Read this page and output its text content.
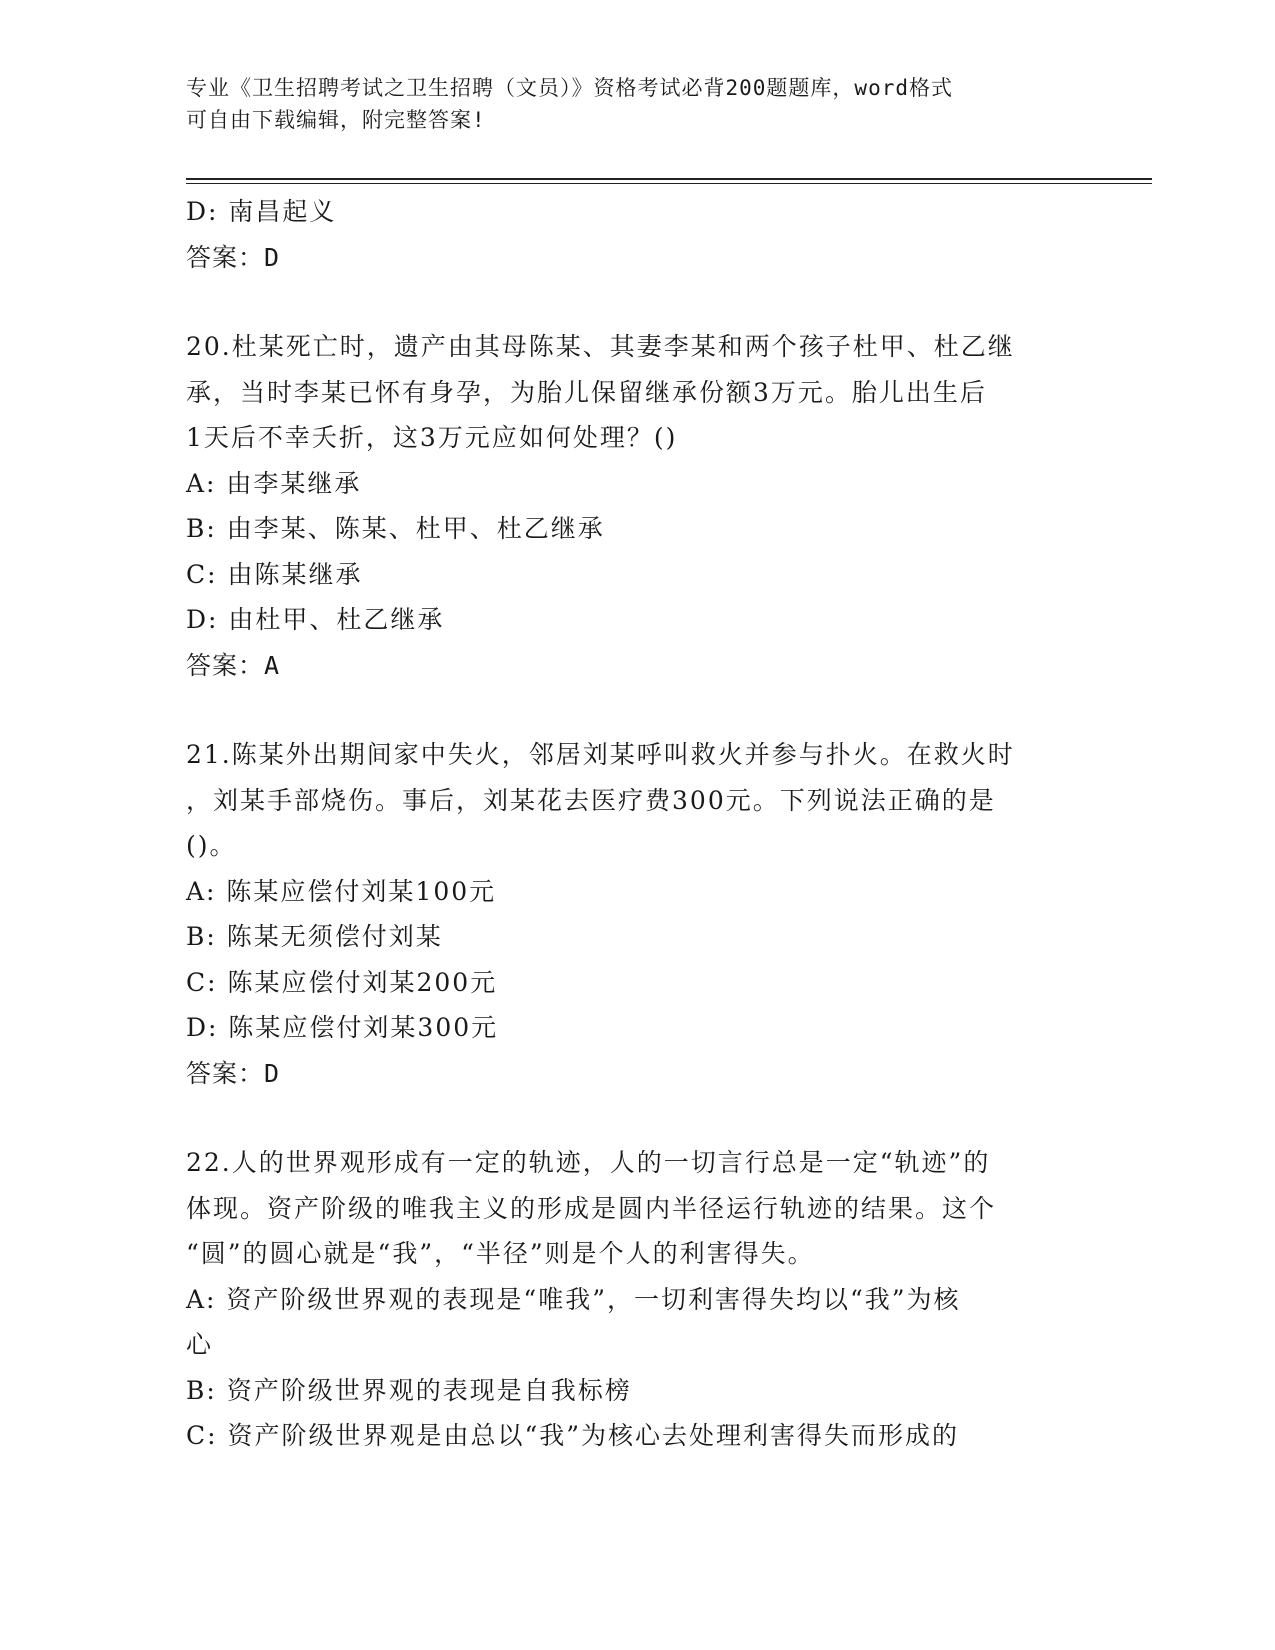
专业《卫生招聘考试之卫生招聘（文员）》资格考试必背200题题库，word格式
可自由下载编辑，附完整答案!
D: 南昌起义
答案：D
20.杜某死亡时，遗产由其母陈某、其妻李某和两个孩子杜甲、杜乙继
承，当时李某已怀有身孕，为胎儿保留继承份额3万元。胎儿出生后
1天后不幸夭折，这3万元应如何处理？()
A: 由李某继承
B: 由李某、陈某、杜甲、杜乙继承
C: 由陈某继承
D: 由杜甲、杜乙继承
答案：A
21.陈某外出期间家中失火，邻居刘某呼叫救火并参与扑火。在救火时
，刘某手部烧伤。事后，刘某花去医疗费300元。下列说法正确的是
()。
A: 陈某应偿付刘某100元
B: 陈某无须偿付刘某
C: 陈某应偿付刘某200元
D: 陈某应偿付刘某300元
答案：D
22.人的世界观形成有一定的轨迹，人的一切言行总是一定“轨迹”的
体现。资产阶级的唯我主义的形成是圆内半径运行轨迹的结果。这个
“圆”的圆心就是“我”，“半径”则是个人的利害得失。
A: 资产阶级世界观的表现是“唯我”，一切利害得失均以“我”为核
心
B: 资产阶级世界观的表现是自我标榜
C: 资产阶级世界观是由总以“我”为核心去处理利害得失而形成的
